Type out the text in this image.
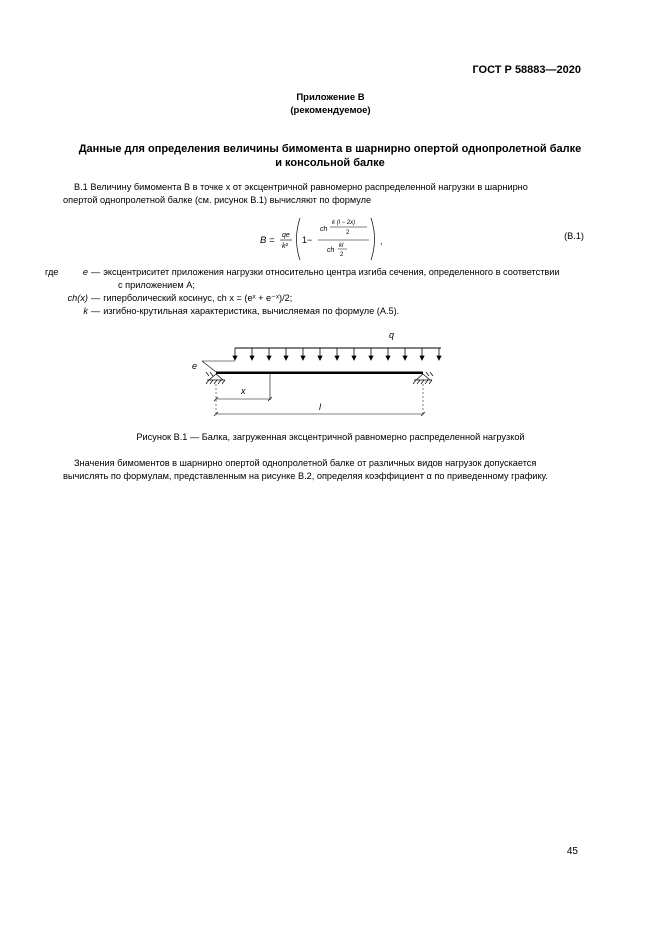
ГОСТ Р 58883—2020
Приложение В
(рекомендуемое)
Данные для определения величины бимомента в шарнирно опертой однопролетной балке
и консольной балке
В.1 Величину бимомента B в точке x от эксцентричной равномерно распределенной нагрузки в шарнирно
опертой однопролетной балке (см. рисунок В.1) вычисляют по формуле
B = qe
k²
1−
ch
k (l − 2x)
2
ch
kl
2
,	(В.1)
где	e — эксцентриситет приложения нагрузки относительно центра изгиба сечения, определенного в соответствии
с приложением А;
ch(x) — гиперболический косинус, ch x = (eˣ + e⁻ˣ)/2;
k — изгибно-крутильная характеристика, вычисляемая по формуле (А.5).
q
e
x
l
Рисунок В.1 — Балка, загруженная эксцентричной равномерно распределенной нагрузкой
Значения бимоментов в шарнирно опертой однопролетной балке от различных видов нагрузок допускается
вычислять по формулам, представленным на рисунке В.2, определяя коэффициент α по приведенному графику.
45
